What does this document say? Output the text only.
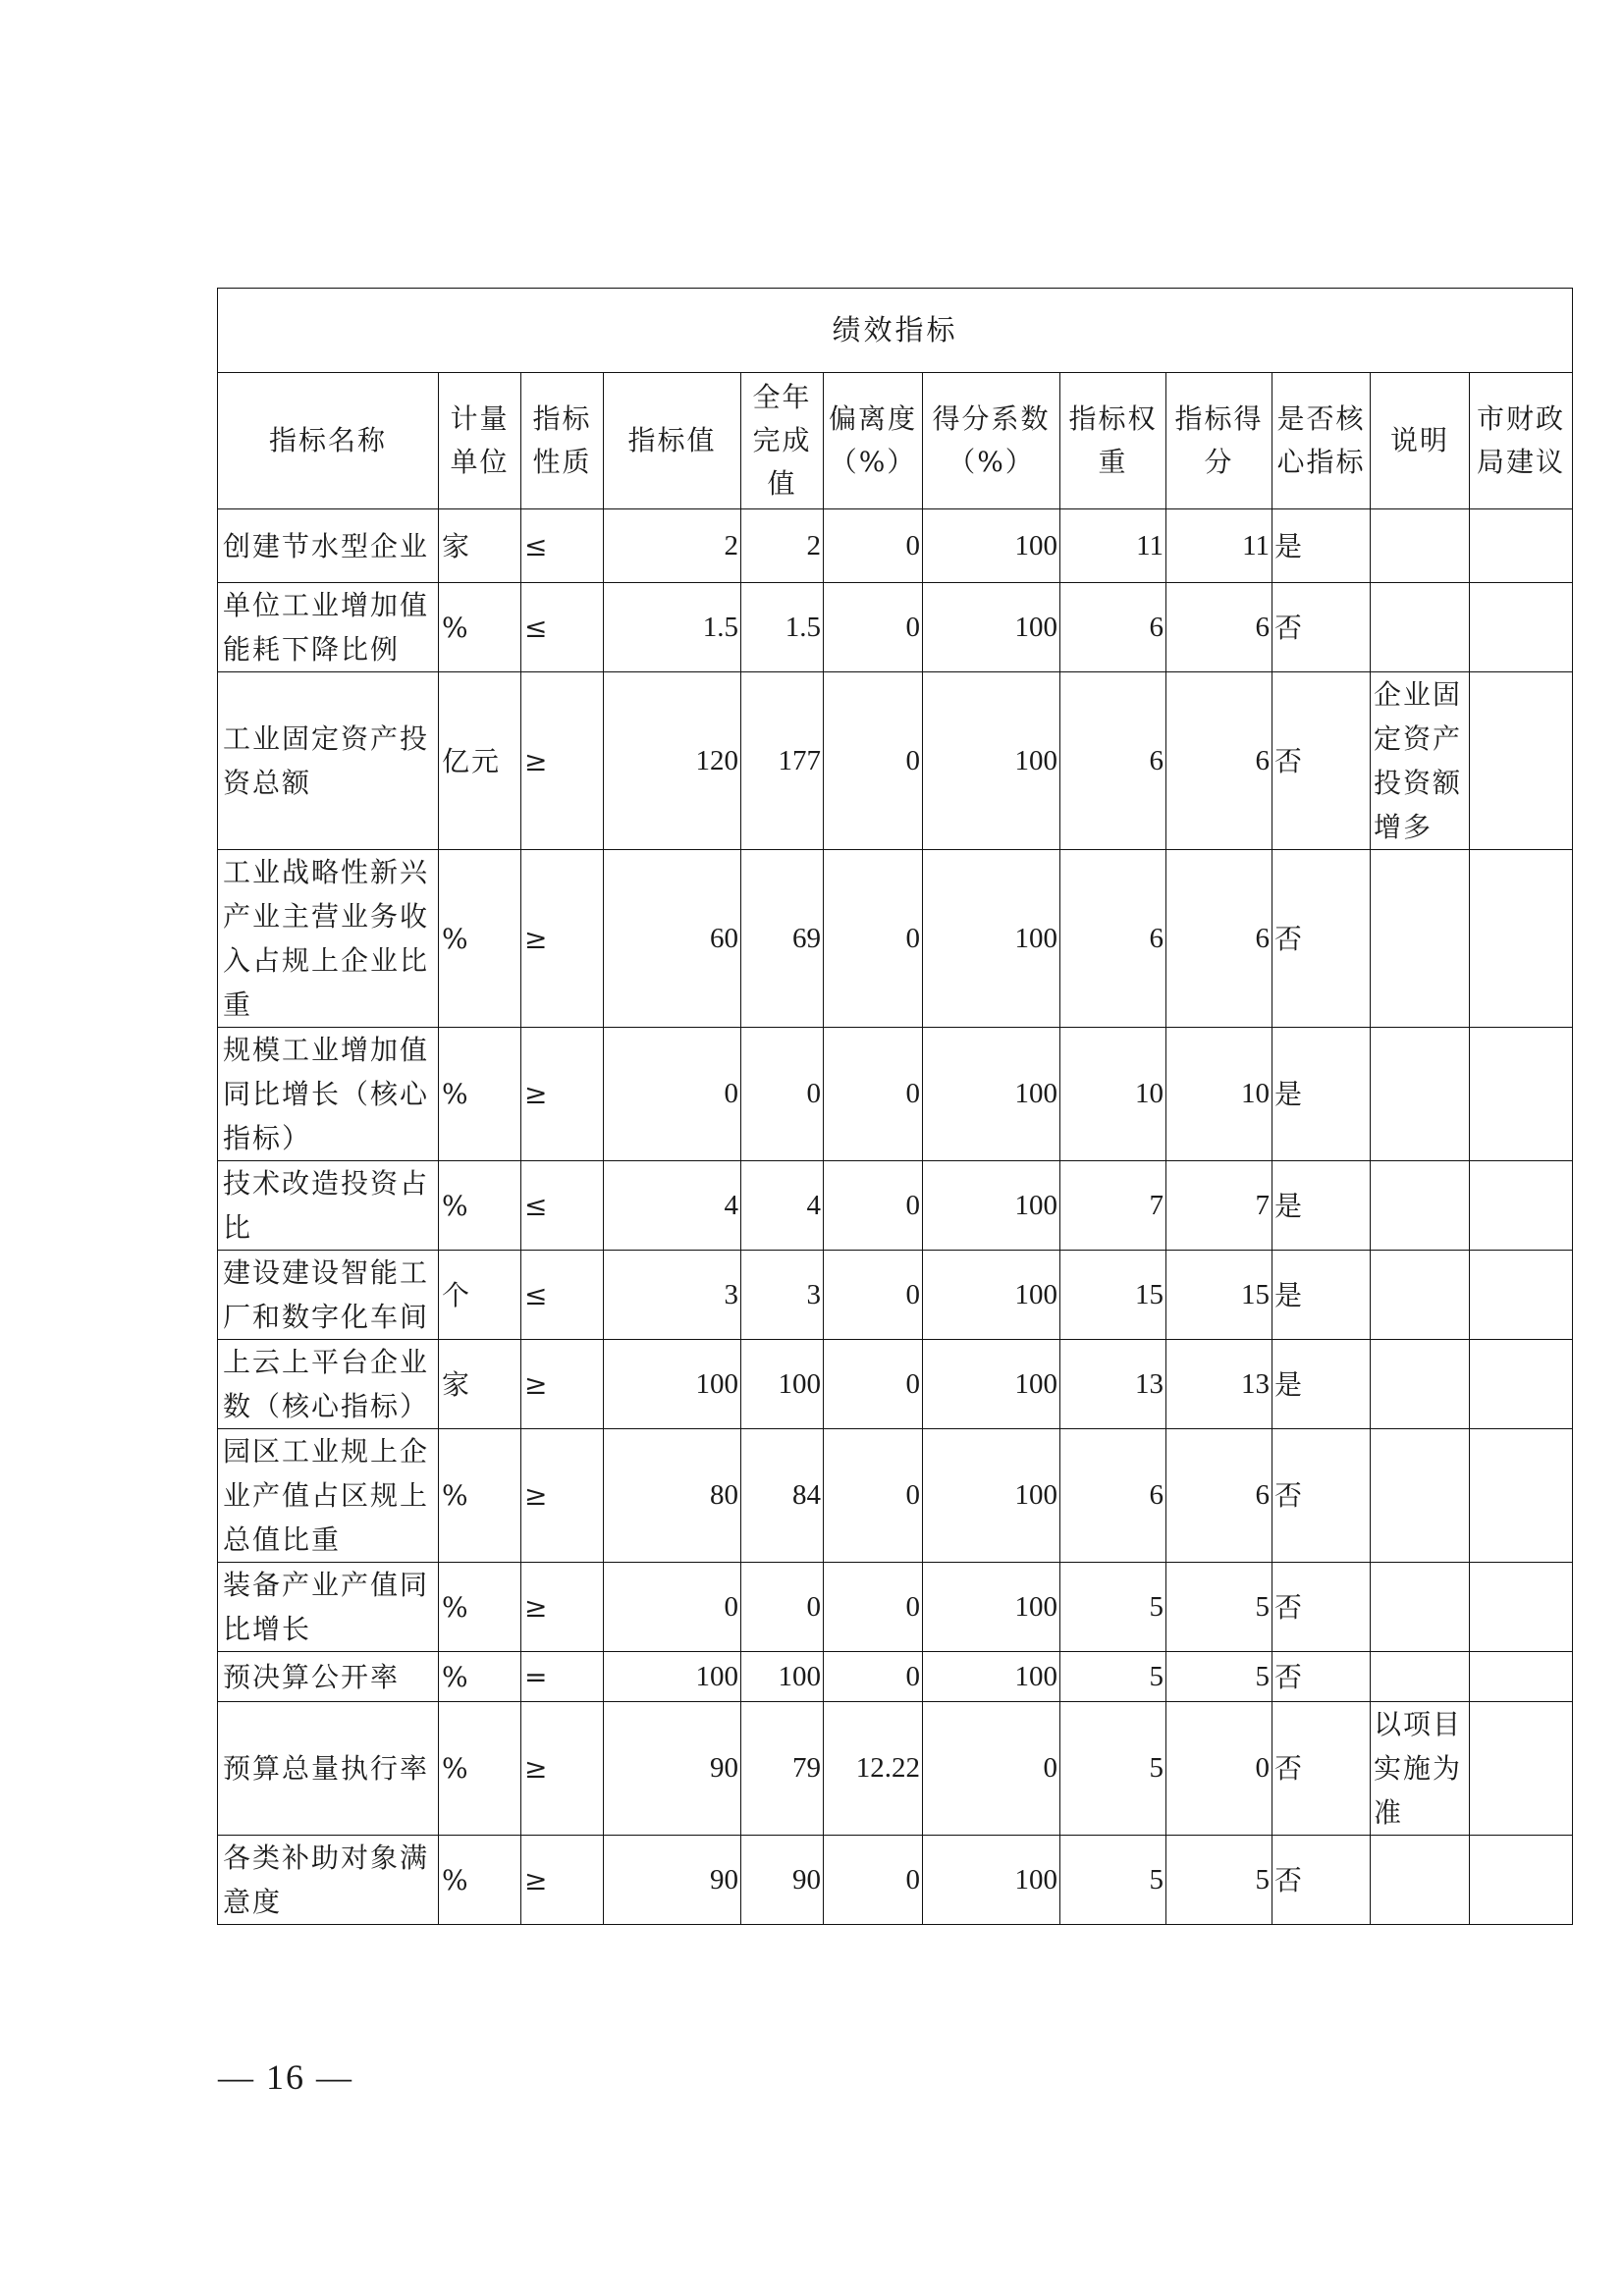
绩效指标											
指标名称	计量单位	指标性质	指标值	全年完成值	偏离度（%）	得分系数（%）	指标权重	指标得分	是否核心指标	说明	市财政局建议
创建节水型企业	家	≤	2	2	0	100	11	11	是		
单位工业增加值能耗下降比例	%	≤	1.5	1.5	0	100	6	6	否		
工业固定资产投资总额	亿元	≥	120	177	0	100	6	6	否	企业固定资产投资额增多	
工业战略性新兴产业主营业务收入占规上企业比重	%	≥	60	69	0	100	6	6	否		
规模工业增加值同比增长（核心指标）	%	≥	0	0	0	100	10	10	是		
技术改造投资占比	%	≤	4	4	0	100	7	7	是		
建设建设智能工厂和数字化车间	个	≤	3	3	0	100	15	15	是		
上云上平台企业数（核心指标）	家	≥	100	100	0	100	13	13	是		
园区工业规上企业产值占区规上总值比重	%	≥	80	84	0	100	6	6	否		
装备产业产值同比增长	%	≥	0	0	0	100	5	5	否		
预决算公开率	%	=	100	100	0	100	5	5	否		
预算总量执行率	%	≥	90	79	12.22	0	5	0	否	以项目实施为准	
各类补助对象满意度	%	≥	90	90	0	100	5	5	否		
— 16 —
